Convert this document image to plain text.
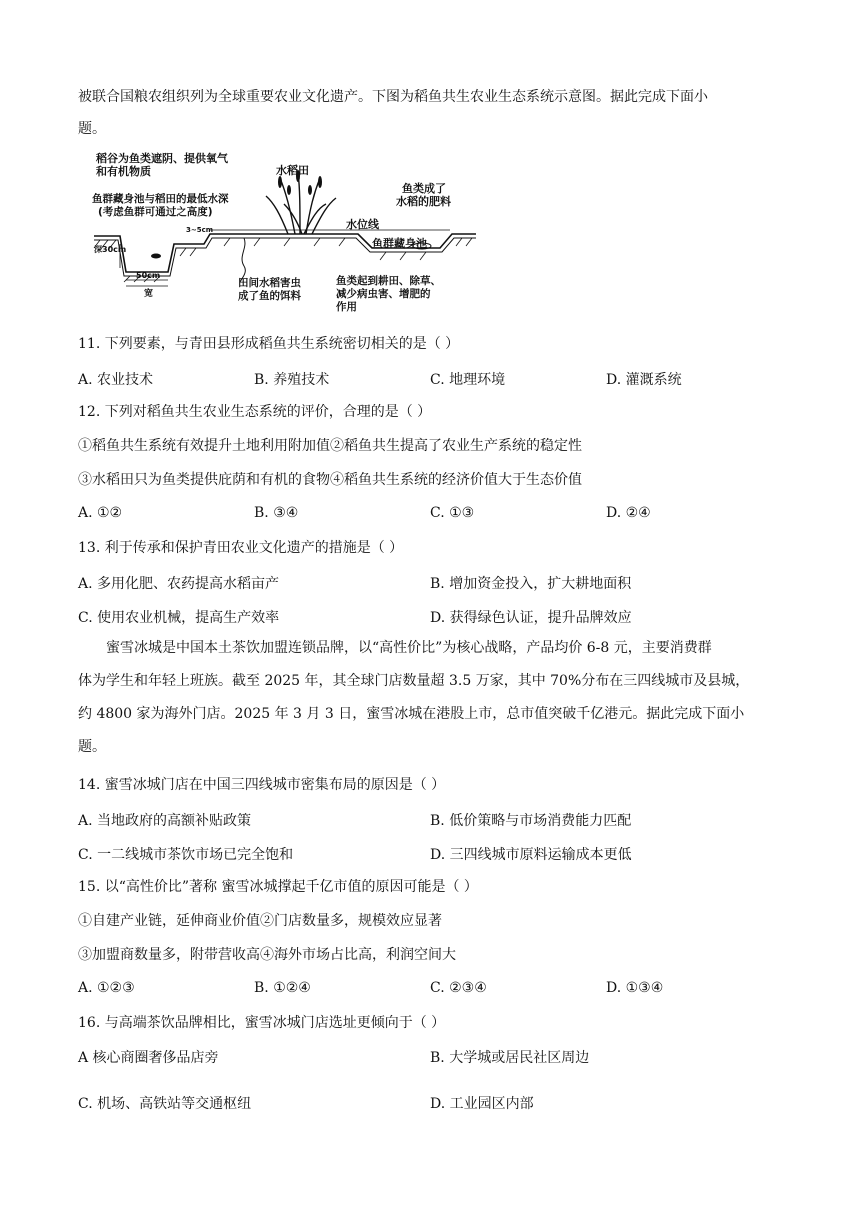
被联合国粮农组织列为全球重要农业文化遗产。下图为稻鱼共生农业生态系统示意图。据此完成下面小
题。
稻谷为鱼类遮阴、提供氧气
和有机物质	水稻田
鱼群藏身池与稻田的最低水深
(考虑鱼群可通过之高度)
鱼类成了
水稻的肥料
水位线
鱼群藏身池
3~5cm
深30cm
50cm
宽
田间水稻害虫
成了鱼的饵料
鱼类起到耕田、除草、
减少病虫害、增肥的
作用
11. 下列要素，与青田县形成稻鱼共生系统密切相关的是（ ）
A. 农业技术	B. 养殖技术	C. 地理环境	D. 灌溉系统
12. 下列对稻鱼共生农业生态系统的评价，合理的是（ ）
①稻鱼共生系统有效提升土地利用附加值②稻鱼共生提高了农业生产系统的稳定性
③水稻田只为鱼类提供庇荫和有机的食物④稻鱼共生系统的经济价值大于生态价值
A. ①②	B. ③④	C. ①③	D. ②④
13. 利于传承和保护青田农业文化遗产的措施是（ ）
A. 多用化肥、农药提高水稻亩产	B. 增加资金投入，扩大耕地面积
C. 使用农业机械，提高生产效率	D. 获得绿色认证，提升品牌效应
蜜雪冰城是中国本土茶饮加盟连锁品牌，以“高性价比”为核心战略，产品均价 6-8 元，主要消费群
体为学生和年轻上班族。截至 2025 年，其全球门店数量超 3.5 万家，其中 70%分布在三四线城市及县城，
约 4800 家为海外门店。2025 年 3 月 3 日，蜜雪冰城在港股上市，总市值突破千亿港元。据此完成下面小
题。
14. 蜜雪冰城门店在中国三四线城市密集布局的原因是（ ）
A. 当地政府的高额补贴政策	B. 低价策略与市场消费能力匹配
C. 一二线城市茶饮市场已完全饱和	D. 三四线城市原料运输成本更低
15. 以“高性价比”著称 蜜雪冰城撑起千亿市值的原因可能是（ ）
①自建产业链，延伸商业价值②门店数量多，规模效应显著
③加盟商数量多，附带营收高④海外市场占比高，利润空间大
A. ①②③	B. ①②④	C. ②③④	D. ①③④
16. 与高端茶饮品牌相比，蜜雪冰城门店选址更倾向于（ ）
A 核心商圈奢侈品店旁	B. 大学城或居民社区周边
C. 机场、高铁站等交通枢纽	D. 工业园区内部
